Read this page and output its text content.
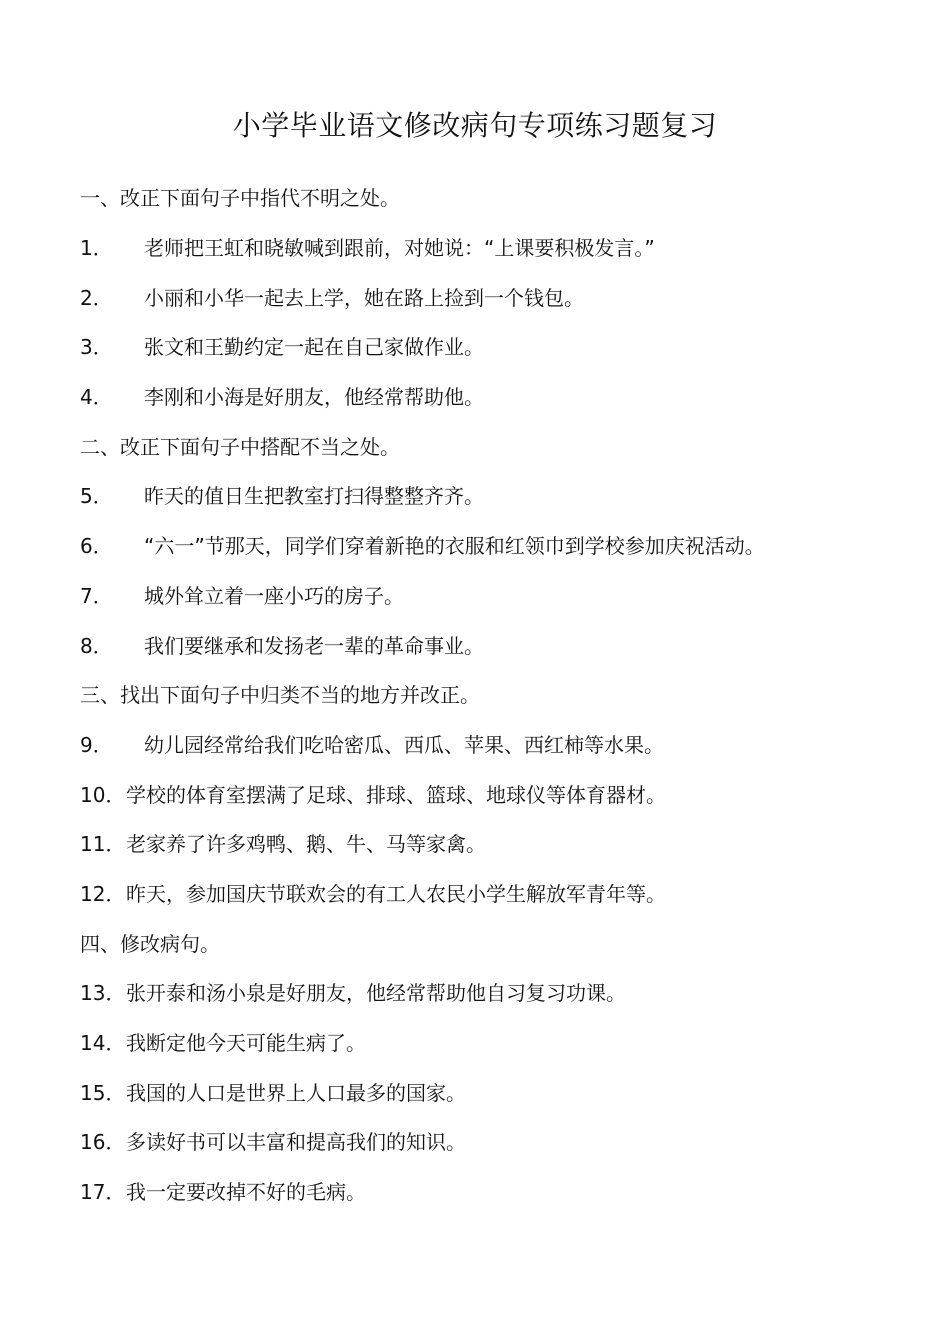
小学毕业语文修改病句专项练习题复习
一、改正下面句子中指代不明之处。
1．	老师把王虹和晓敏喊到跟前，对她说：“上课要积极发言。”
2．	小丽和小华一起去上学，她在路上捡到一个钱包。
3．	张文和王勤约定一起在自己家做作业。
4．	李刚和小海是好朋友，他经常帮助他。
二、改正下面句子中搭配不当之处。
5．	昨天的值日生把教室打扫得整整齐齐。
6．	“六一”节那天，同学们穿着新艳的衣服和红领巾到学校参加庆祝活动。
7．	城外耸立着一座小巧的房子。
8．	我们要继承和发扬老一辈的革命事业。
三、找出下面句子中归类不当的地方并改正。
9．	幼儿园经常给我们吃哈密瓜、西瓜、苹果、西红柿等水果。
10． 学校的体育室摆满了足球、排球、篮球、地球仪等体育器材。
11． 老家养了许多鸡鸭、鹅、牛、马等家禽。
12． 昨天，参加国庆节联欢会的有工人农民小学生解放军青年等。
四、修改病句。
13． 张开泰和汤小泉是好朋友，他经常帮助他自习复习功课。
14． 我断定他今天可能生病了。
15． 我国的人口是世界上人口最多的国家。
16． 多读好书可以丰富和提高我们的知识。
17． 我一定要改掉不好的毛病。
